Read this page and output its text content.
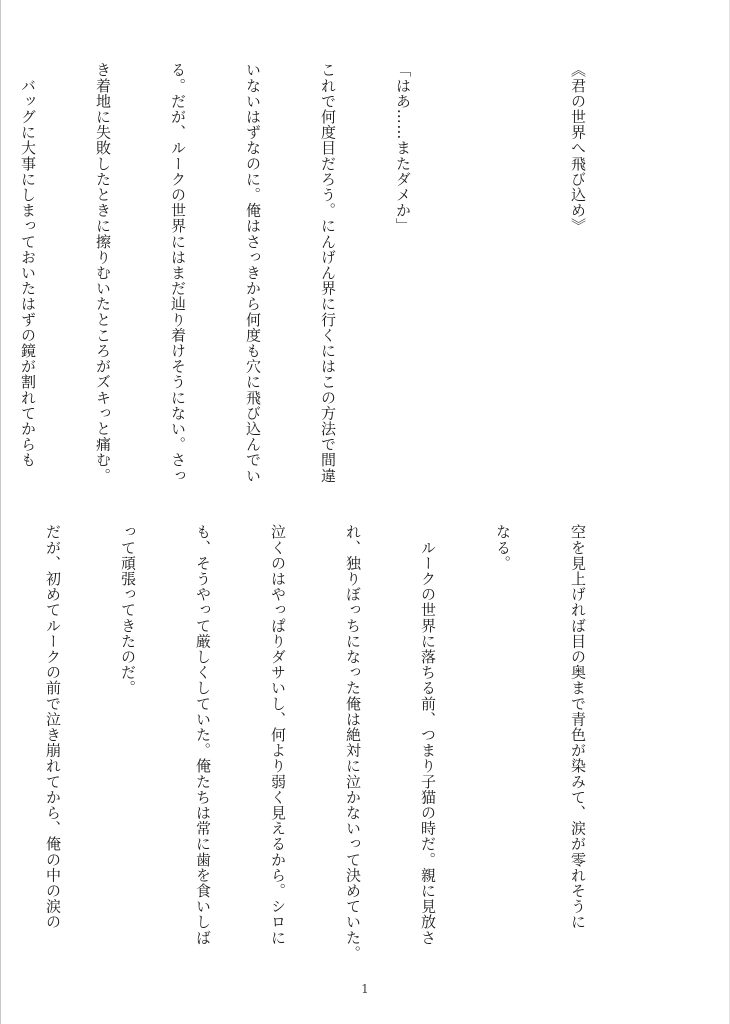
《君の世界へ飛び込め》

「はあ……またダメか」

これで何度目だろう。にんげん界に行くにはこの方法で間違

いないはずなのに。俺はさっきから何度も穴に飛び込んでい

る。だが、ルークの世界にはまだ辿り着けそうにない。さっ

き着地に失敗したときに擦りむいたところがズキっと痛む。

　バッグに大事にしまっておいたはずの鏡が割れてからも

空を見上げれば目の奥まで青色が染みて、涙が零れそうに

なる。

　ルークの世界に落ちる前、つまり子猫の時だ。親に見放さ

れ、独りぼっちになった俺は絶対に泣かないって決めていた。

泣くのはやっぱりダサいし、何より弱く見えるから。シロに

も、そうやって厳しくしていた。俺たちは常に歯を食いしば

って頑張ってきたのだ。

だが、初めてルークの前で泣き崩れてから、俺の中の涙の

1
